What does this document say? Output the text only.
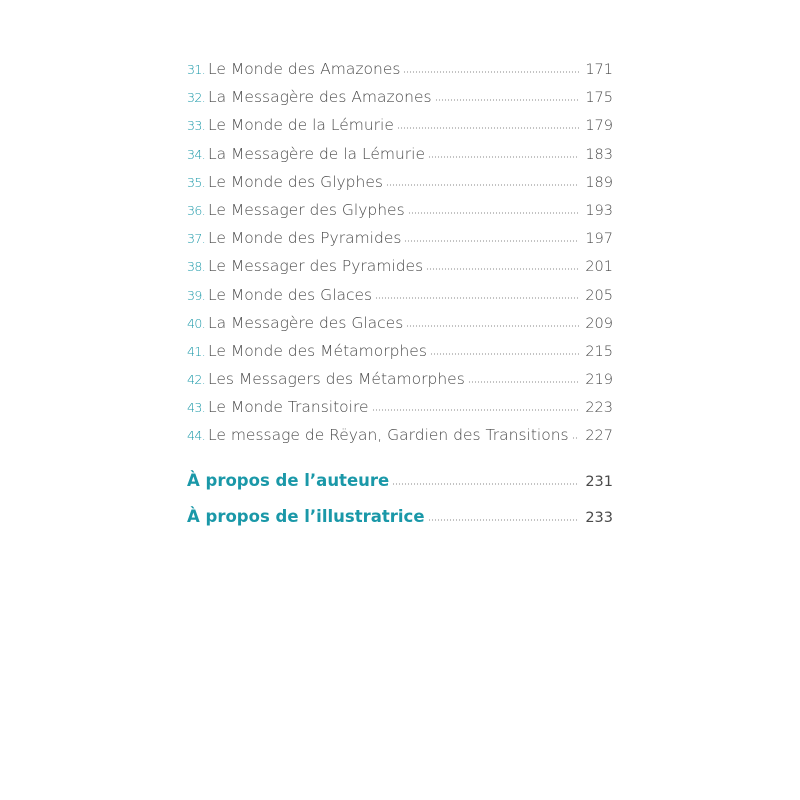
31. Le Monde des Amazones	171
32. La Messagère des Amazones	175
33. Le Monde de la Lémurie	179
34. La Messagère de la Lémurie	183
35. Le Monde des Glyphes	189
36. Le Messager des Glyphes	193
37. Le Monde des Pyramides	197
38. Le Messager des Pyramides	201
39. Le Monde des Glaces	205
40. La Messagère des Glaces	209
41. Le Monde des Métamorphes	215
42. Les Messagers des Métamorphes	219
43. Le Monde Transitoire	223
44. Le message de Rëyan, Gardien des Transitions 227
À propos de l’auteure	231
À propos de l’illustratrice	233
